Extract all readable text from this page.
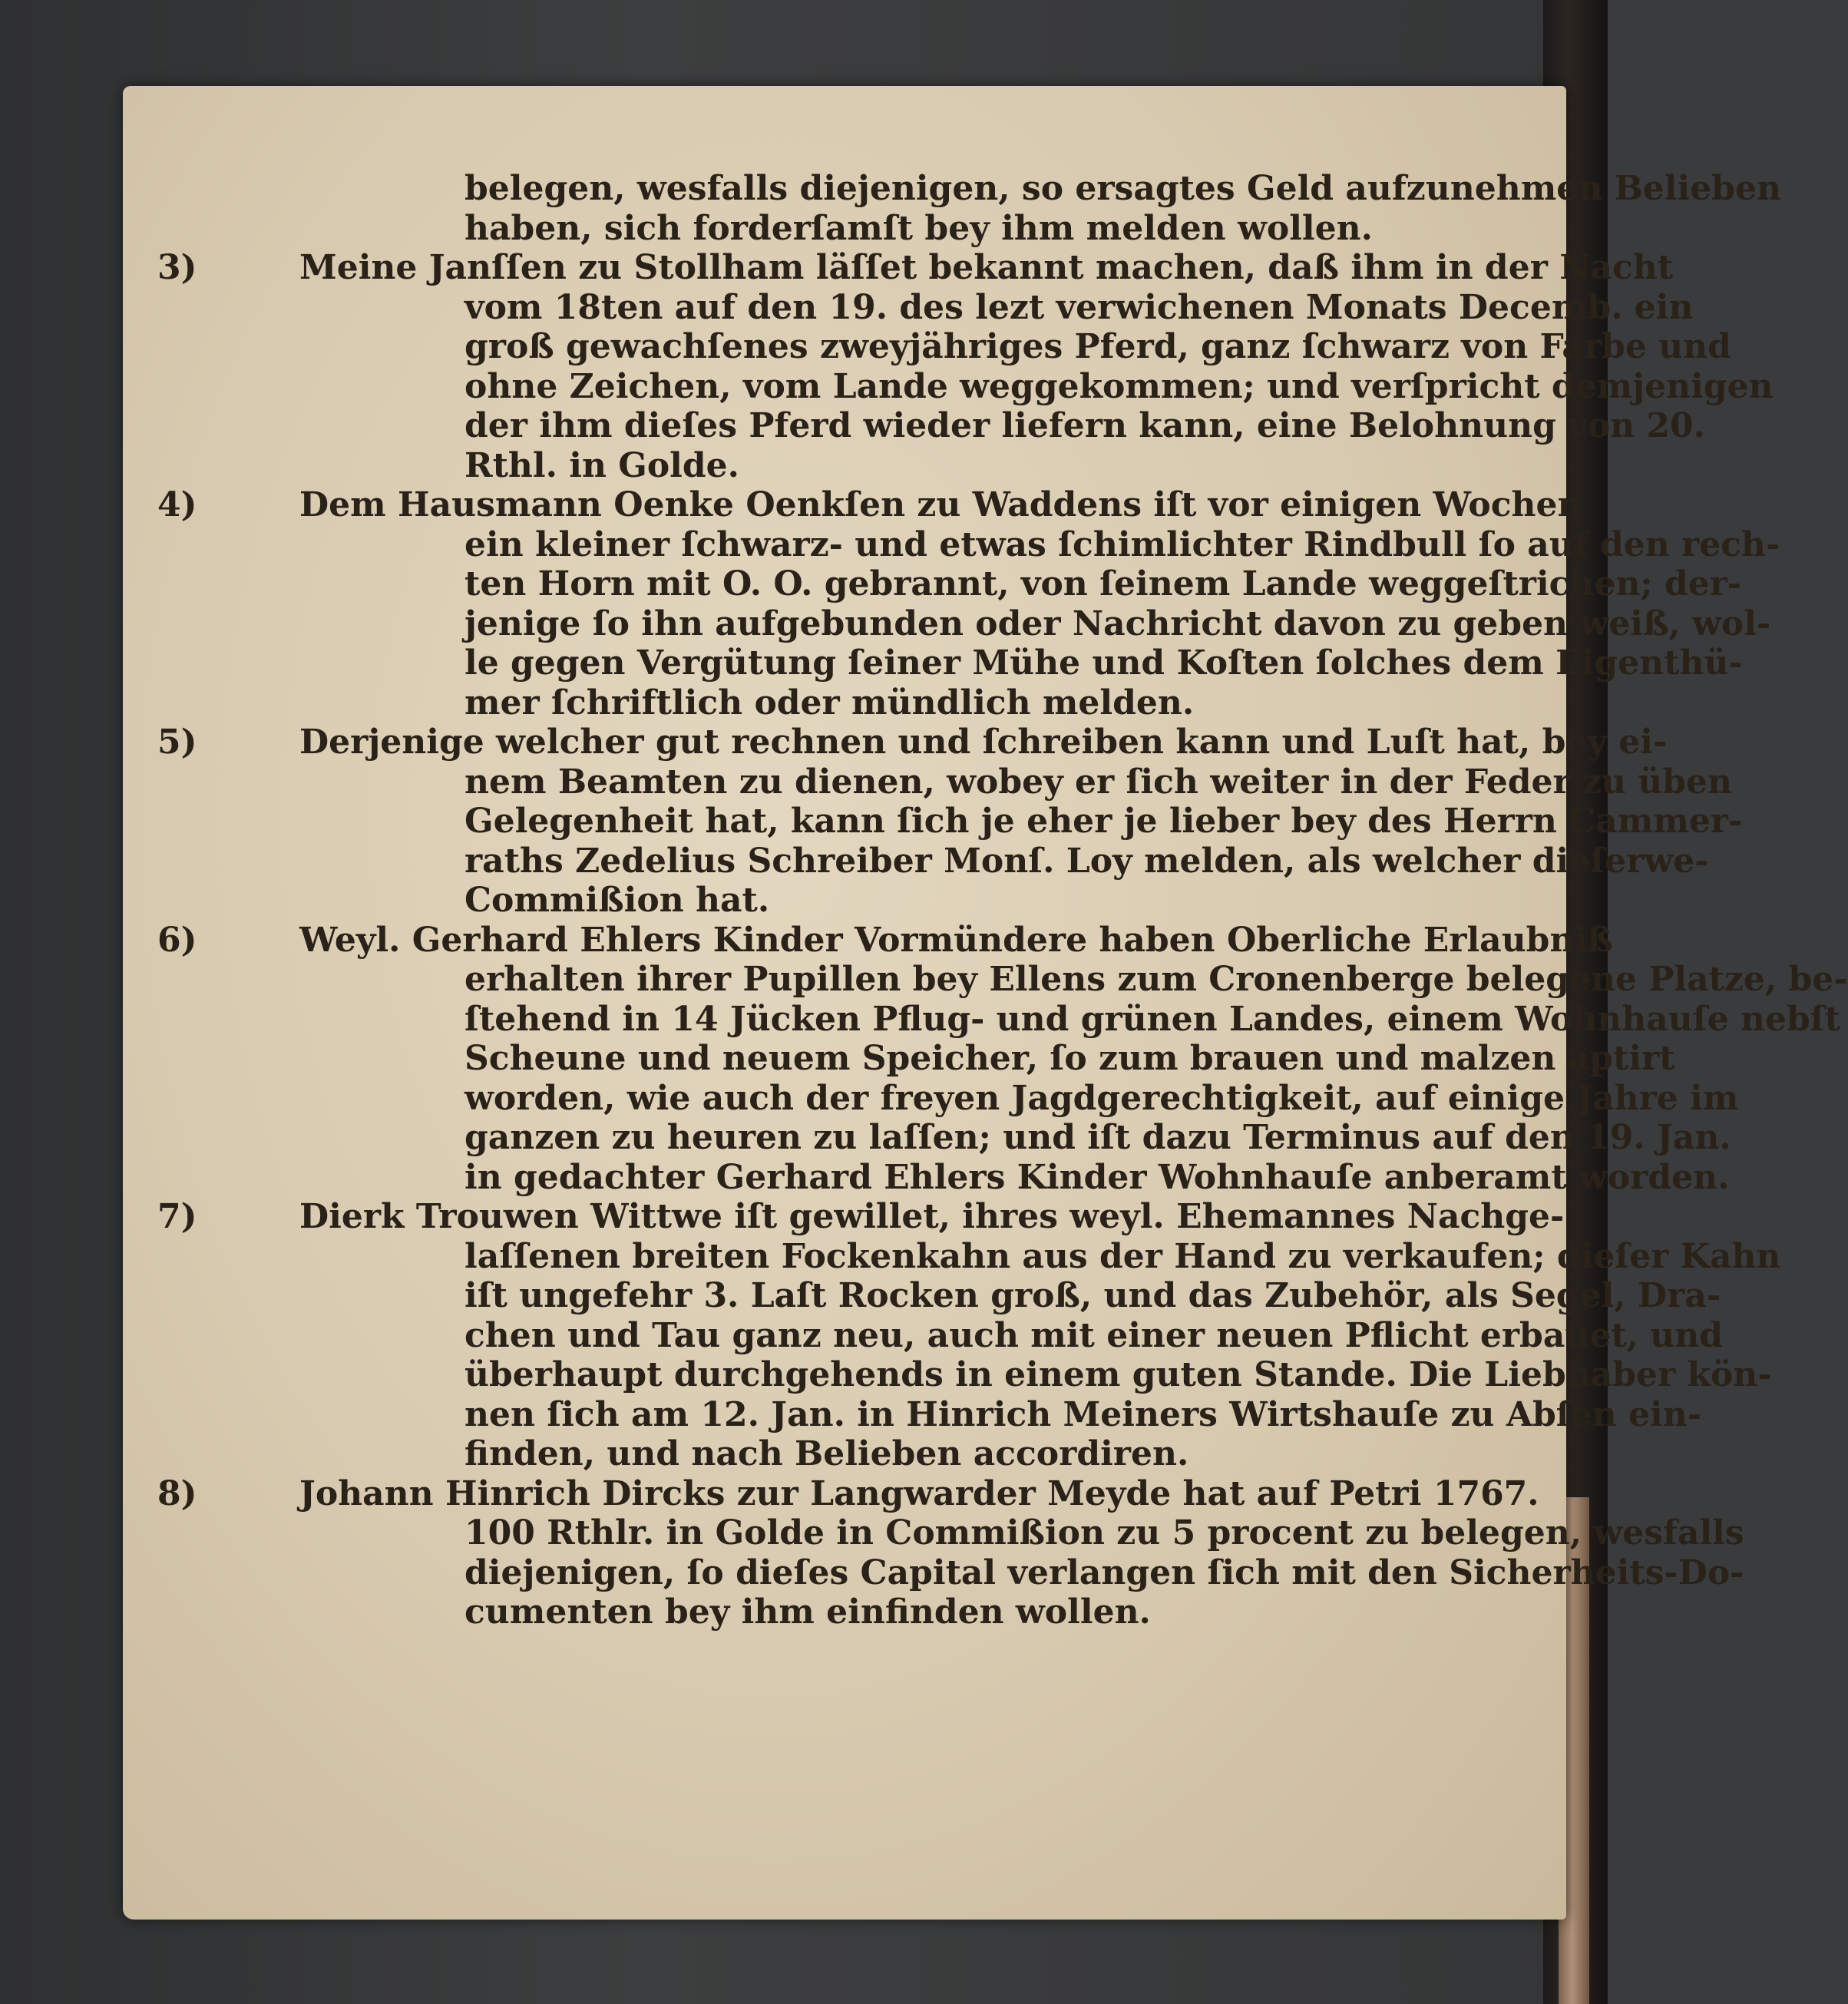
belegen, wesfalls diejenigen, so ersagtes Geld aufzunehmen Belieben
haben, sich forderſamſt bey ihm melden wollen.
3)	Meine Janſſen zu Stollham läſſet bekannt machen, daß ihm in der Nacht
vom 18ten auf den 19. des lezt verwichenen Monats Decemb. ein
groß gewachſenes zweyjähriges Pferd, ganz ſchwarz von Farbe und
ohne Zeichen, vom Lande weggekommen; und verſpricht demjenigen
der ihm dieſes Pferd wieder liefern kann, eine Belohnung von 20.
Rthl. in Golde.
4)	Dem Hausmann Oenke Oenkſen zu Waddens iſt vor einigen Wochen
ein kleiner ſchwarz- und etwas ſchimlichter Rindbull ſo auf den rech-
ten Horn mit O. O. gebrannt, von ſeinem Lande weggeſtrichen; der-
jenige ſo ihn aufgebunden oder Nachricht davon zu geben weiß, wol-
le gegen Vergütung ſeiner Mühe und Koſten ſolches dem Eigenthü-
mer ſchriftlich oder mündlich melden.
5)	Derjenige welcher gut rechnen und ſchreiben kann und Luſt hat, bey ei-
nem Beamten zu dienen, wobey er ſich weiter in der Feder zu üben
Gelegenheit hat, kann ſich je eher je lieber bey des Herrn Cammer-
raths Zedelius Schreiber Monſ. Loy melden, als welcher dieſerwe-
Commißion hat.
6)	Weyl. Gerhard Ehlers Kinder Vormündere haben Oberliche Erlaubniß
erhalten ihrer Pupillen bey Ellens zum Cronenberge belegene Platze, be-
ſtehend in 14 Jücken Pflug- und grünen Landes, einem Wohnhauſe nebſt
Scheune und neuem Speicher, ſo zum brauen und malzen aptirt
worden, wie auch der freyen Jagdgerechtigkeit, auf einige Jahre im
ganzen zu heuren zu laſſen; und iſt dazu Terminus auf den 19. Jan.
in gedachter Gerhard Ehlers Kinder Wohnhauſe anberamt worden.
7)	Dierk Trouwen Wittwe iſt gewillet, ihres weyl. Ehemannes Nachge-
laſſenen breiten Fockenkahn aus der Hand zu verkaufen; dieſer Kahn
iſt ungefehr 3. Laſt Rocken groß, und das Zubehör, als Segel, Dra-
chen und Tau ganz neu, auch mit einer neuen Pflicht erbauet, und
überhaupt durchgehends in einem guten Stande. Die Liebhaber kön-
nen ſich am 12. Jan. in Hinrich Meiners Wirtshauſe zu Abſen ein-
finden, und nach Belieben accordiren.
8)	Johann Hinrich Dircks zur Langwarder Meyde hat auf Petri 1767.
100 Rthlr. in Golde in Commißion zu 5 procent zu belegen, wesfalls
diejenigen, ſo dieſes Capital verlangen ſich mit den Sicherheits-Do-
cumenten bey ihm einfinden wollen.
